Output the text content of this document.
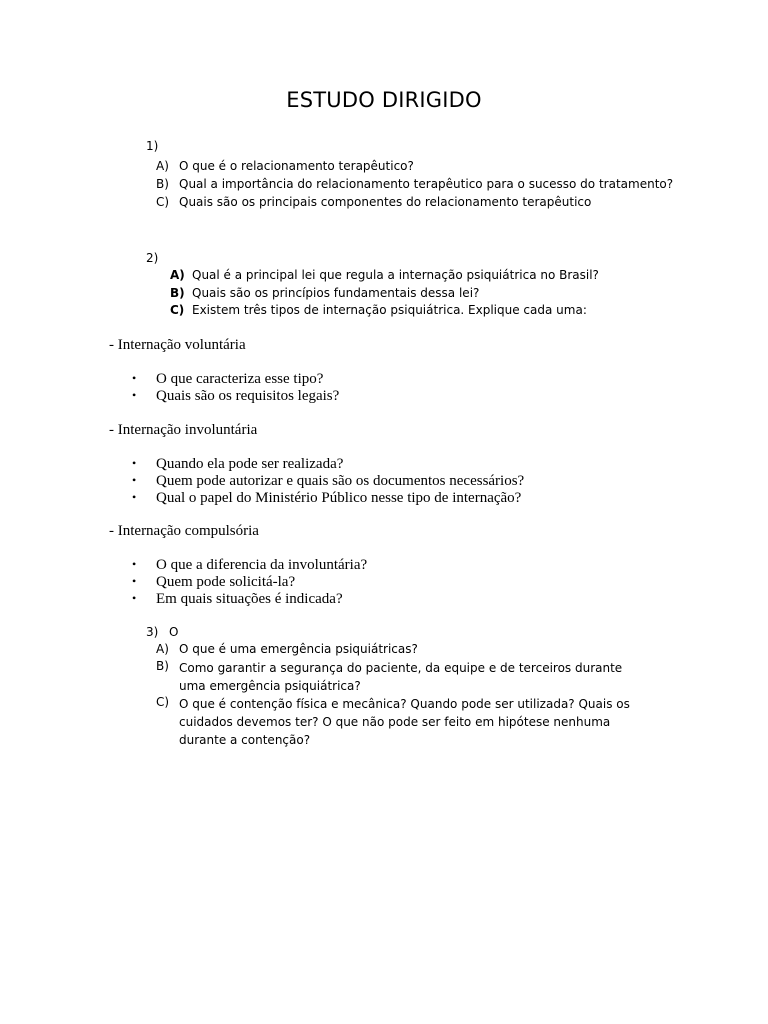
ESTUDO DIRIGIDO
1)
A) O que é o relacionamento terapêutico?
B) Qual a importância do relacionamento terapêutico para o sucesso do tratamento?
C) Quais são os principais componentes do relacionamento terapêutico
2)
A) Qual é a principal lei que regula a internação psiquiátrica no Brasil?
B) Quais são os princípios fundamentais dessa lei?
C) Existem três tipos de internação psiquiátrica. Explique cada uma:
- Internação voluntária
• O que caracteriza esse tipo?
• Quais são os requisitos legais?
- Internação involuntária
• Quando ela pode ser realizada?
• Quem pode autorizar e quais são os documentos necessários?
• Qual o papel do Ministério Público nesse tipo de internação?
- Internação compulsória
• O que a diferencia da involuntária?
• Quem pode solicitá-la?
• Em quais situações é indicada?
3) O
A) O que é uma emergência psiquiátricas?
B) Como garantir a segurança do paciente, da equipe e de terceiros durante uma emergência psiquiátrica?
C) O que é contenção física e mecânica? Quando pode ser utilizada? Quais os cuidados devemos ter? O que não pode ser feito em hipótese nenhuma durante a contenção?
